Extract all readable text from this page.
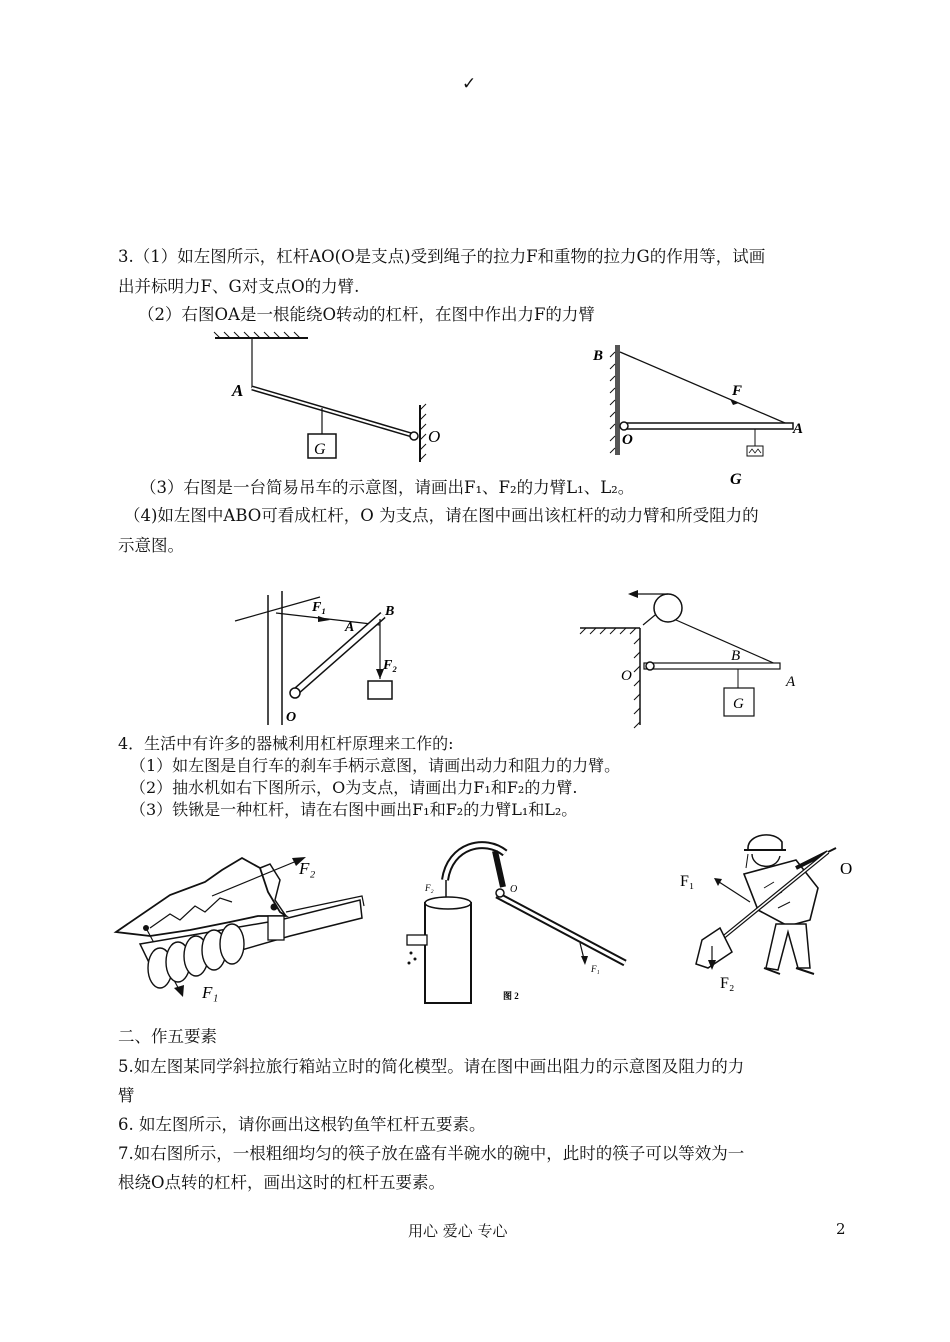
✓
3.（1）如左图所示，杠杆AO(O是支点)受到绳子的拉力F和重物的拉力G的作用等，试画
出并标明力F、G对支点O的力臂.
（2）右图OA是一根能绕O转动的杠杆，在图中作出力F的力臂
A
G
O
B
F
O
A
G
（3）右图是一台简易吊车的示意图，请画出F₁、F₂的力臂L₁、L₂。
（4)如左图中ABO可看成杠杆，O 为支点，请在图中画出该杠杆的动力臂和所受阻力的
示意图。
F₁
A
B
F₂
O
O
B
A
G
4．生活中有许多的器械利用杠杆原理来工作的:
（1）如左图是自行车的刹车手柄示意图，请画出动力和阻力的力臂。
（2）抽水机如右下图所示，O为支点，请画出力F₁和F₂的力臂.
（3）铁锹是一种杠杆，请在右图中画出F₁和F₂的力臂L₁和L₂。
F₂
F₁
F₂	O
F₁
图 2
F₁
O
F₂
二、作五要素
5.如左图某同学斜拉旅行箱站立时的简化模型。请在图中画出阻力的示意图及阻力的力
臂
6. 如左图所示，请你画出这根钓鱼竿杠杆五要素。
7.如右图所示，一根粗细均匀的筷子放在盛有半碗水的碗中，此时的筷子可以等效为一
根绕O点转的杠杆，画出这时的杠杆五要素。
用心 爱心 专心	2
